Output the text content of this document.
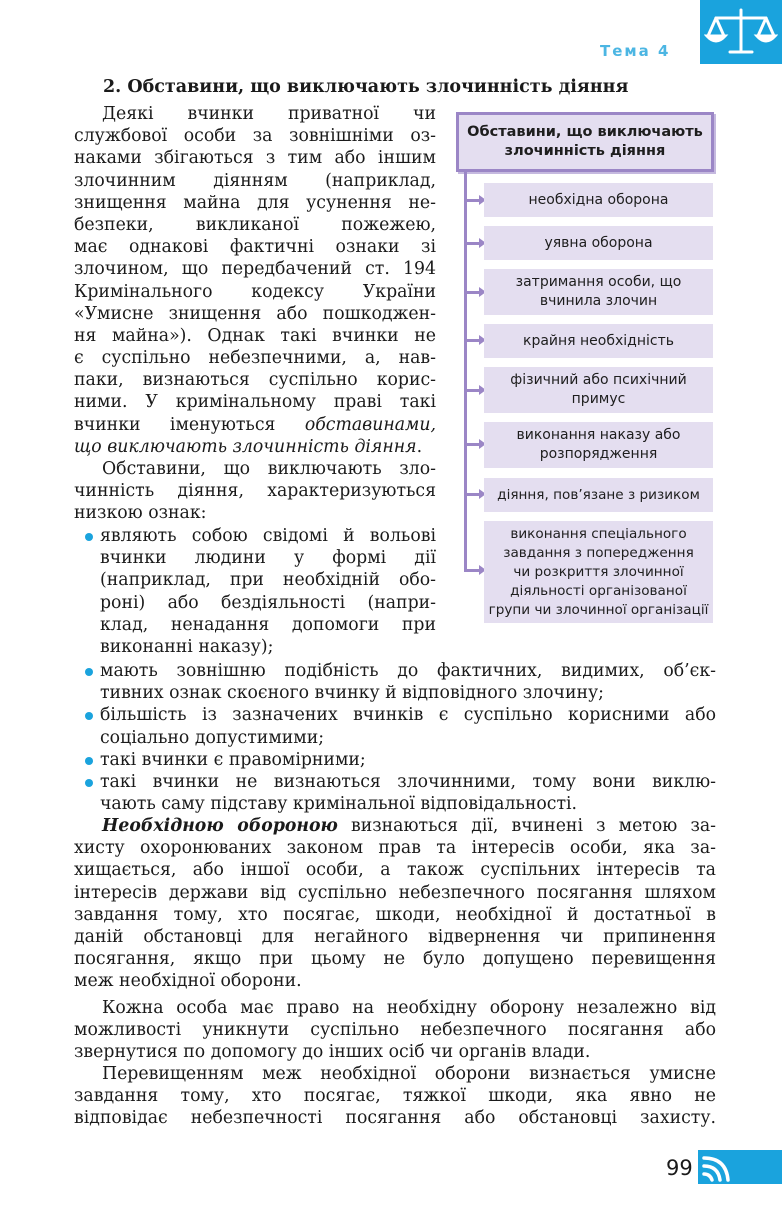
Тема 4
2. Обставини, що виключають злочинність діяння
Деякі вчинки приватної чи
службової особи за зовнішніми оз-
наками збігаються з тим або іншим
злочинним діянням (наприклад,
знищення майна для усунення не-
безпеки, викликаної пожежею,
має однакові фактичні ознаки зі
злочином, що передбачений ст. 194
Кримінального кодексу України
«Умисне знищення або пошкоджен-
ня майна»). Однак такі вчинки не
є суспільно небезпечними, а, нав-
паки, визнаються суспільно корис-
ними. У кримінальному праві такі
вчинки іменуються обставинами,
що виключають злочинність діяння.
Обставини, що виключають зло-
чинність діяння, характеризуються
низкою ознак:
являють собою свідомі й вольові
вчинки людини у формі дії
(наприклад, при необхідній обо-
роні) або бездіяльності (напри-
клад, ненадання допомоги при
виконанні наказу);
мають зовнішню подібність до фактичних, видимих, об’єк-
тивних ознак скоєного вчинку й відповідного злочину;
більшість із зазначених вчинків є суспільно корисними або
соціально допустимими;
такі вчинки є правомірними;
такі вчинки не визнаються злочинними, тому вони виклю-
чають саму підставу кримінальної відповідальності.
Необхідною обороною визнаються дії, вчинені з метою за-
хисту охоронюваних законом прав та інтересів особи, яка за-
хищається, або іншої особи, а також суспільних інтересів та
інтересів держави від суспільно небезпечного посягання шляхом
завдання тому, хто посягає, шкоди, необхідної й достатньої в
даній обстановці для негайного відвернення чи припинення
посягання, якщо при цьому не було допущено перевищення
меж необхідної оборони.
Кожна особа має право на необхідну оборону незалежно від
можливості уникнути суспільно небезпечного посягання або
звернутися по допомогу до інших осіб чи органів влади.
Перевищенням меж необхідної оборони визнається умисне
завдання тому, хто посягає, тяжкої шкоди, яка явно не
відповідає небезпечності посягання або обстановці захисту.
Обставини, що виключають
злочинність діяння
необхідна оборона
уявна оборона
затримання особи, що
вчинила злочин
крайня необхідність
фізичний або психічний
примус
виконання наказу або
розпорядження
діяння, пов’язане з ризиком
виконання спеціального
завдання з попередження
чи розкриття злочинної
діяльності організованої
групи чи злочинної організації
99
